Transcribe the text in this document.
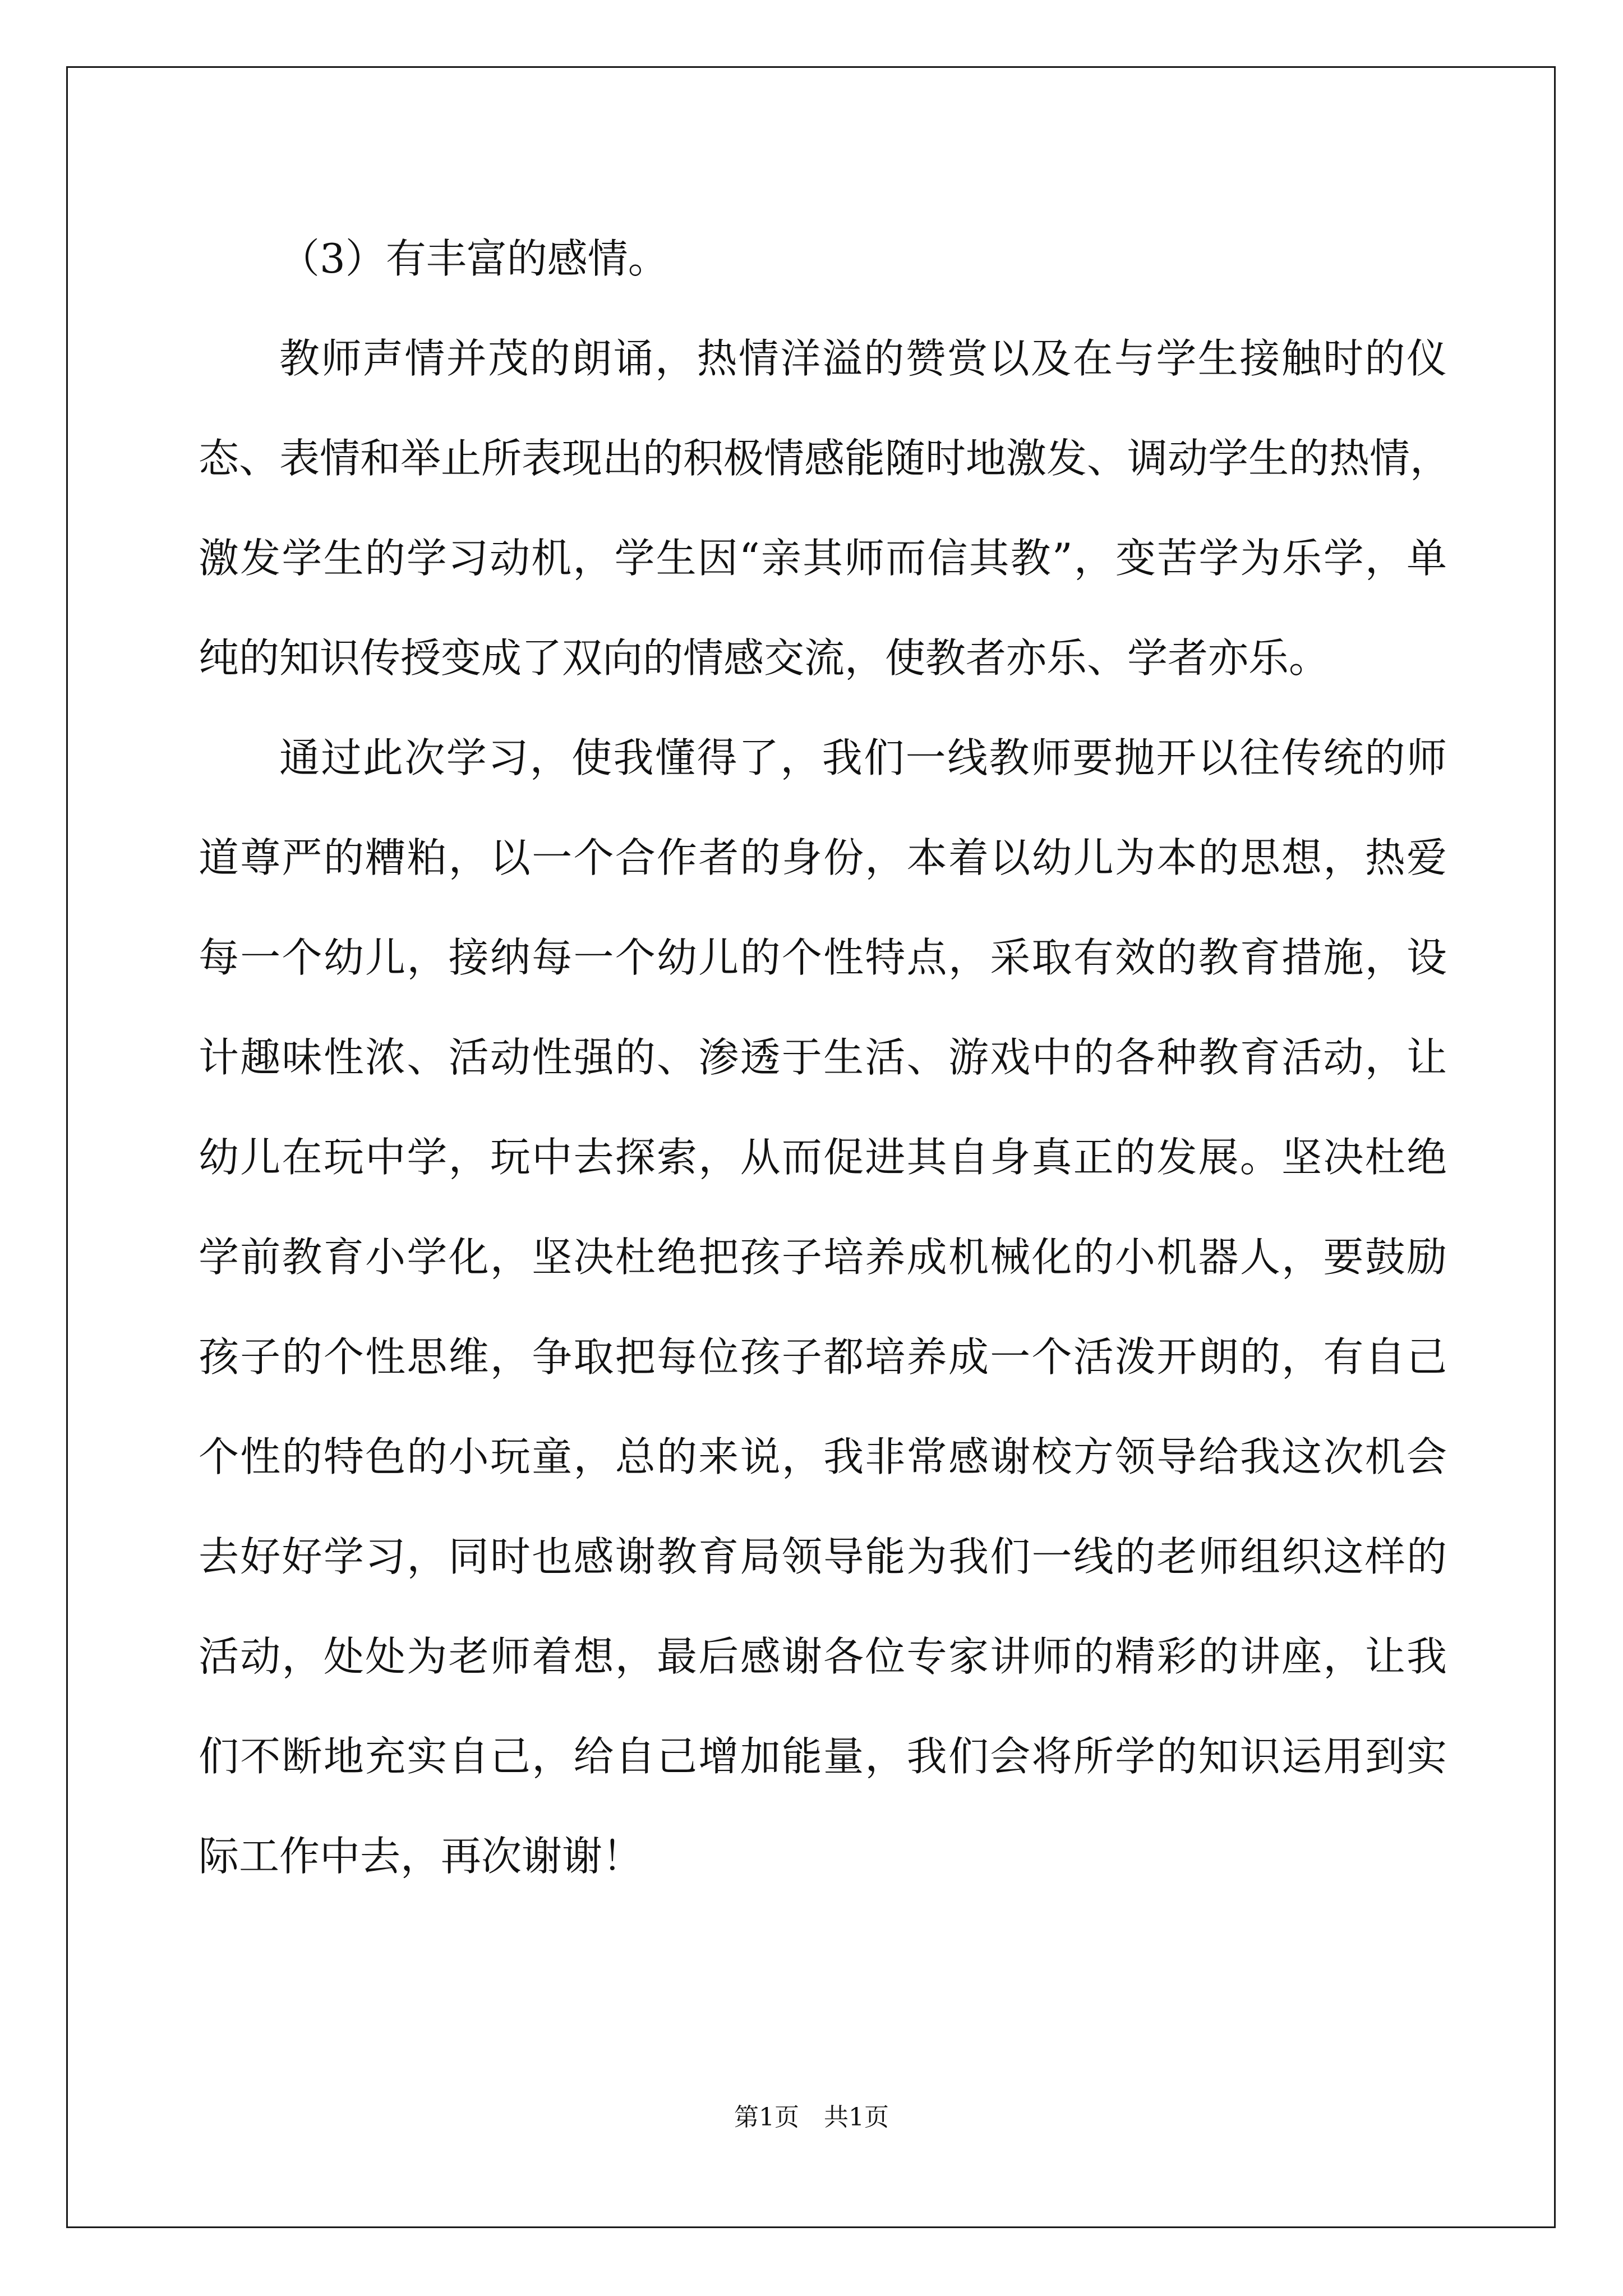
（3）有丰富的感情。
教师声情并茂的朗诵，热情洋溢的赞赏以及在与学生接触时的仪
态、表情和举止所表现出的积极情感能随时地激发、调动学生的热情，
激发学生的学习动机，学生因“亲其师而信其教”，变苦学为乐学，单
纯的知识传授变成了双向的情感交流，使教者亦乐、学者亦乐。
通过此次学习，使我懂得了，我们一线教师要抛开以往传统的师
道尊严的糟粕，以一个合作者的身份，本着以幼儿为本的思想，热爱
每一个幼儿，接纳每一个幼儿的个性特点，采取有效的教育措施，设
计趣味性浓、活动性强的、渗透于生活、游戏中的各种教育活动，让
幼儿在玩中学，玩中去探索，从而促进其自身真正的发展。坚决杜绝
学前教育小学化，坚决杜绝把孩子培养成机械化的小机器人，要鼓励
孩子的个性思维，争取把每位孩子都培养成一个活泼开朗的，有自己
个性的特色的小玩童，总的来说，我非常感谢校方领导给我这次机会
去好好学习，同时也感谢教育局领导能为我们一线的老师组织这样的
活动，处处为老师着想，最后感谢各位专家讲师的精彩的讲座，让我
们不断地充实自己，给自己增加能量，我们会将所学的知识运用到实
际工作中去，再次谢谢！
第1页　共1页
